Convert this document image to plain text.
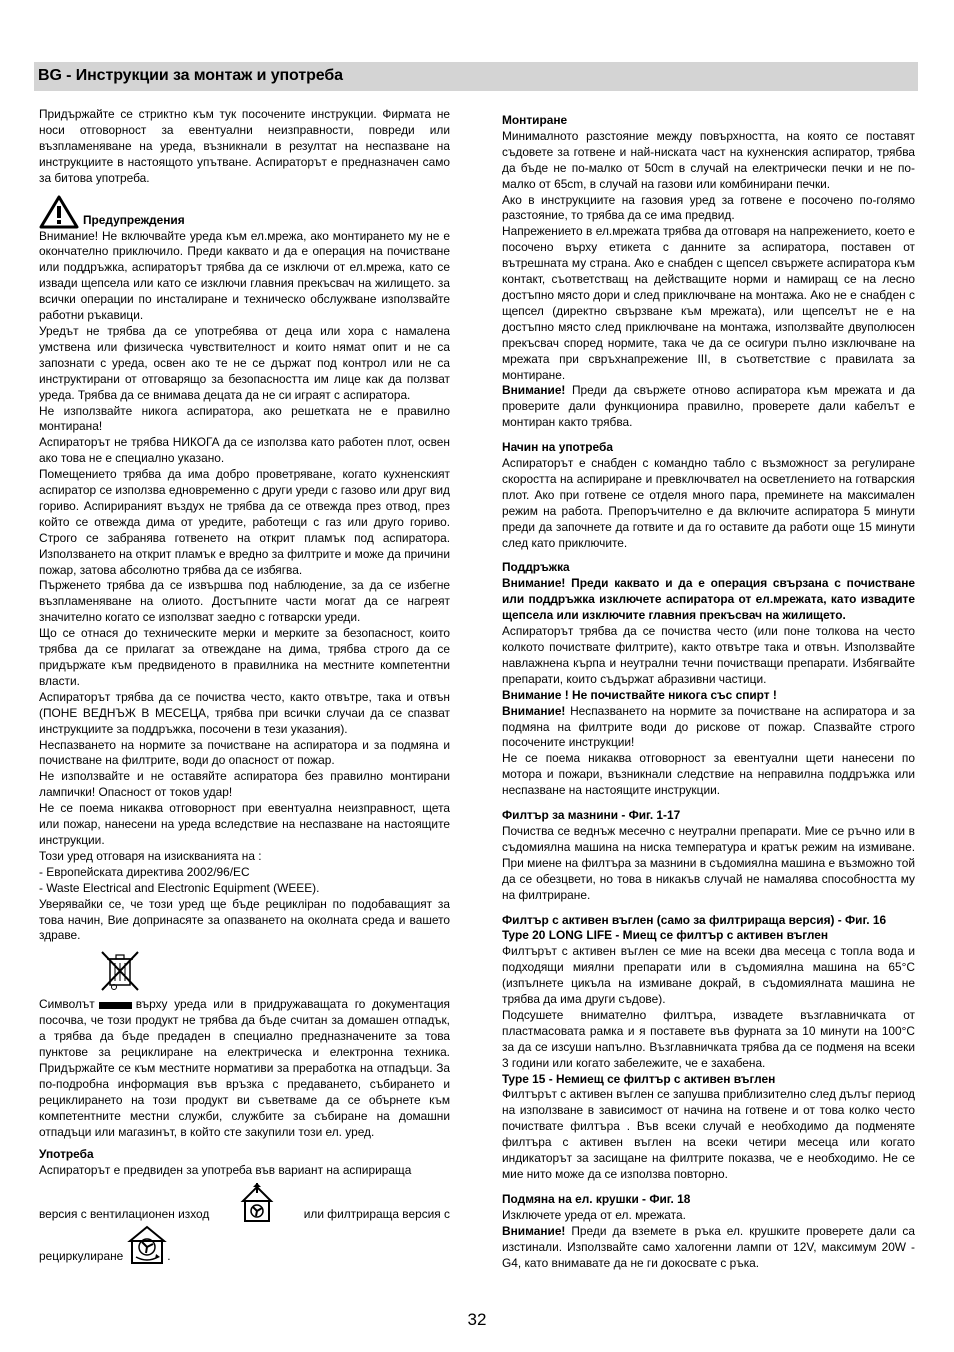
BG - Инструкции за монтаж и употреба

Придържайте се стриктно към тук посочените инструкции. Фирмата не носи отговорност за евентуални неизправности, повреди или възпламеняване на уреда, възникнали в резултат на неспазване на инструкциите в настоящото упътване. Аспираторът е предназначен само за битова употреба.

Предупреждения

Внимание! Не включвайте уреда към ел.мрежа, ако монтирането му не е окончателно приключило. Преди каквато и да е операция на почистване или поддръжка, аспираторът трябва да се изключи от ел.мрежа, като се извади щепсела или като се изключи главния прекъсвач на жилището. за всички операции по инсталиране и техническо обслужване използвайте работни ръкавици.

Уредът не трябва да се употребява от деца или хора с намалена умствена или физическа чувствителност и които нямат опит и не са запознати с уреда, освен ако те не се държат под контрол или не са инструктирани от отговарящо за безопасността им лице как да ползват уреда. Трябва да се внимава децата да не си играят с аспиратора.

Не използвайте никога аспиратора, ако решетката не е правилно монтирана!

Аспираторът не трябва НИКОГА да се използва като работен плот, освен ако това не е специално указано.

Помещението трябва да има добро проветряване, когато кухненският аспиратор се използва едновременно с други уреди с газово или друг вид гориво. Аспирираният въздух не трябва да се отвежда през отвод, през който се отвежда дима от уредите, работещи с газ или друго гориво. Строго се забранява готвенето на открит пламък под аспиратора. Използването на открит пламък е вредно за филтрите и може да причини пожар, затова абсолютно трябва да се избягва.

Пърженето трябва да се извършва под наблюдение, за да се избегне възпламеняване на олиото. Достъпните части могат да се нагреят значително когато се използват заедно с готварски уреди.

Що се отнася до техническите мерки и мерките за безопасност, които трябва да се прилагат за отвеждане на дима, трябва строго да се придържате към предвиденото в правилника на местните компетентни власти.

Аспираторът трябва да се почиства често, както отвътре, така и отвън (ПОНЕ ВЕДНЪЖ В МЕСЕЦА, трябва при всички случаи да се спазват инструкциите за поддръжка, посочени в тези указания).

Неспазването на нормите за почистване на аспиратора и за подмяна и почистване на филтрите, води до опасност от пожар.

Не използвайте и не оставяйте аспиратора без правилно монтирани лампички! Опасност от токов удар!

Не се поема никаква отговорност при евентуална неизправност, щета или пожар, нанесени на уреда вследствие на неспазване на настоящите инструкции.

Този уред отговаря на изискванията на :

- Европейската директива 2002/96/EC

- Waste Electrical and Electronic Equipment (WEEE).

Уверявайки се, че този уред ще бъде рецикліран по подобаващият за това начин, Вие допринасяте за опазването на околната среда и вашето здраве.

Символът	върху уреда или в придружаващата го документация посочва, че този продукт не трябва да бъде считан за домашен отпадък, а трябва да бъде предаден в специално предназначените за това пунктове за рециклиране на електрическа и електронна техника. Придържайте се към местните нормативи за преработка на отпадъци. За по-подробна информация във връзка с предаването, събирането и рециклирането на този продукт ви съветваме да се обърнете към компетентните местни служби, службите за събиране на домашни отпадъци или магазинът, в който сте закупили този ел. уред.

Употреба

Аспираторът е предвиден за употреба във вариант на аспириращa

версия с вентилационен изход	или филтрираща версия с
рециркулиране	.

Монтиране

Минималното разстояние между повърхността, на която се поставят съдовете за готвене и най-ниската част на кухненския аспиратор, трябва да бъде не по-малко от 50cm в случай на електрически печки и не по-малко от 65cm, в случай на газови или комбинирани печки.

Ако в инструкциите на газовия уред за готвене е посочено по-голямо разстояние, то трябва да се има предвид.

Напрежението в ел.мрежата трябва да отговаря на напрежението, което е посочено върху етикета с данните за аспиратора, поставен от вътрешната му страна. Ако е снабден с щепсел свържете аспиратора към контакт, съответстващ на действащите норми и намиращ се на лесно достъпно място дори и след приключване на монтажа. Ако не е снабден с щепсел (директно свързване към мрежата), или щепселът не е на достъпно място след приключване на монтажа, използвайте двуполюсен прекъсвач според нормите, така че да се осигури пълно изключване на мрежата при свръхнапрежение III, в съответствие с правилата за монтиране.

Внимание! Преди да свържете отново аспиратора към мрежата и да проверите дали функционира правилно, проверете дали кабелът е монтиран както трябва.

Начин на употреба

Аспираторът е снабден с командно табло с възможност за регулиране скоростта на аспириране и превключвател на осветлението на готварския плот. Ако при готвене се отделя много пара, преминете на максимален режим на работа. Препоръчително е да включите аспиратора 5 минути преди да започнете да готвите и да го оставите да работи още 15 минути след като приключите.

Поддръжка

Внимание! Преди каквато и да е операция свързана с почистване или поддръжка изключете аспиратора от ел.мрежата, като извадите щепсела или изключите главния прекъсвач на жилището.

Аспираторът трябва да се почиства често (или поне толкова на често колкото почиствате филтрите), както отвътре така и отвън. Използвайте навлажнена кърпа и неутрални течни почистващи препарати. Избягвайте препарати, които съдържат абразивни частици.

Внимание ! Не почиствайте никога със спирт !

Внимание! Неспазването на нормите за почистване на аспиратора и за подмяна на филтрите води до рискове от пожар. Спазвайте строго посочените инструкции!

Не се поема никаква отговорност за евентуални щети нанесени по мотора и пожари, възникнали следствие на неправилна поддръжка или неспазване на настоящите инструкции.

Филтър за мазнини - Фиг. 1-17

Почиства се веднъж месечно с неутрални препарати. Мие се ръчно или в съдомиялна машина на ниска температура и кратък режим на измиване. При миене на филтъра за мазнини в съдомиялна машина е възможно той да се обезцвети, но това в никакъв случай не намалява способността му на филтриране.

Филтър с активен въглен (само за филтрираща версия) - Фиг. 16

Type 20 LONG LIFE - Миещ се филтър с активен въглен

Филтърът с активен въглен се мие на всеки два месеца с топла вода и подходящи миялни препарати или в съдомиялна машина на 65°C (изпълнете цикъла на измиване докрай, в съдомиялната машина не трябва да има други съдове).

Подсушете внимателно филтъра, извадете възглавничката от пластмасовата рамка и я поставете във фурната за 10 минути на 100°C за да се изсуши напълно. Възглавничката трябва да се подменя на всеки 3 години или когато забележите, че е захабена.

Type 15 - Немиещ се филтър с активен въглен

Филтърът с активен въглен се запушва приблизително след дълъг период на използване в зависимост от начина на готвене и от това колко често почиствате филтъра . Във всеки случай е необходимо да подменяте филтъра с активен въглен на всеки четири месеца или когато индикаторът за засищане на филтрите показва, че е необходимо. Не се мие нито може да се използва повторно.

Подмяна на ел. крушки - Фиг. 18

Изключете уреда от ел. мрежата.

Внимание! Преди да вземете в ръка ел. крушките проверете дали са изстинали. Използвайте само халогенни лампи от 12V, максимум 20W - G4, като внимавате да не ги докосвате с ръка.

32
